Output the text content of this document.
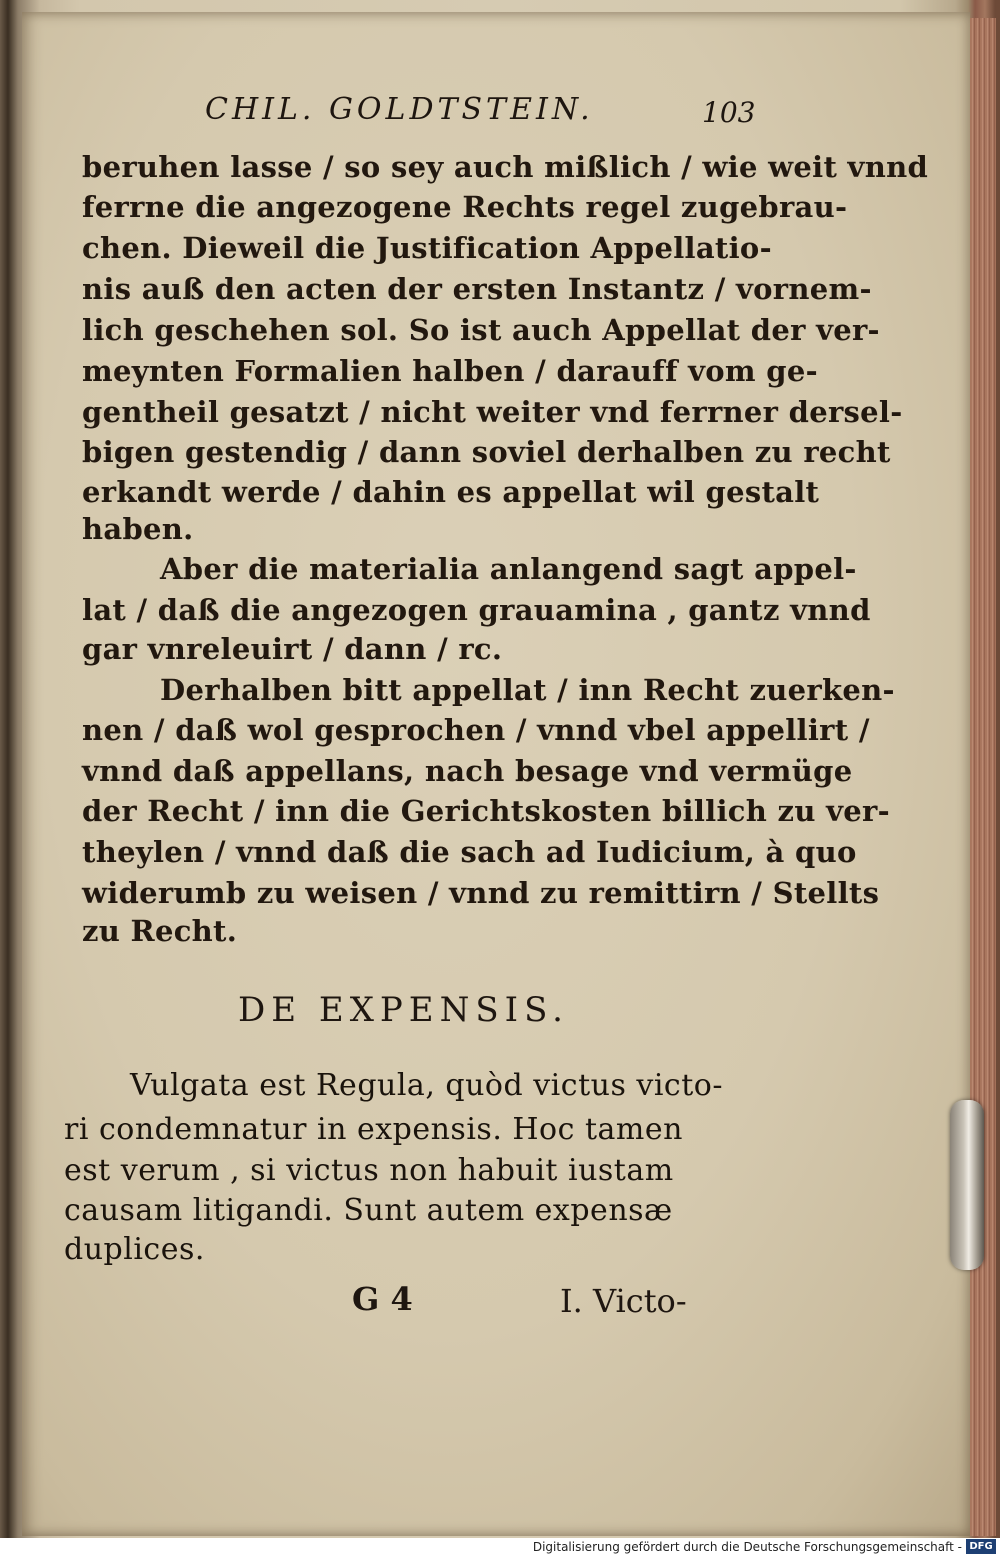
CHIL. GOLDTSTEIN.	103
beruhen lasse / so sey auch mißlich / wie weit vnnd
ferrne die angezogene Rechts regel zugebrau-
chen. Dieweil die Justification Appellatio-
nis auß den acten der ersten Instantz / vornem-
lich geschehen sol. So ist auch Appellat der ver-
meynten Formalien halben / darauff vom ge-
gentheil gesatzt / nicht weiter vnd ferrner dersel-
bigen gestendig / dann soviel derhalben zu recht
erkandt werde / dahin es appellat wil gestalt
haben.
Aber die materialia anlangend sagt appel-
lat / daß die angezogen grauamina , gantz vnnd
gar vnreleuirt / dann / rc.
Derhalben bitt appellat / inn Recht zuerken-
nen / daß wol gesprochen / vnnd vbel appellirt /
vnnd daß appellans, nach besage vnd vermüge
der Recht / inn die Gerichtskosten billich zu ver-
theylen / vnnd daß die sach ad Iudicium, à quo
widerumb zu weisen / vnnd zu remittirn / Stellts
zu Recht.
DE EXPENSIS.
Vulgata est Regula, quòd victus victo-
ri condemnatur in expensis. Hoc tamen
est verum , si victus non habuit iustam
causam litigandi. Sunt autem expensæ
duplices.
G 4	I. Victo-
Digitalisierung gefördert durch die Deutsche Forschungsgemeinschaft - DFG
